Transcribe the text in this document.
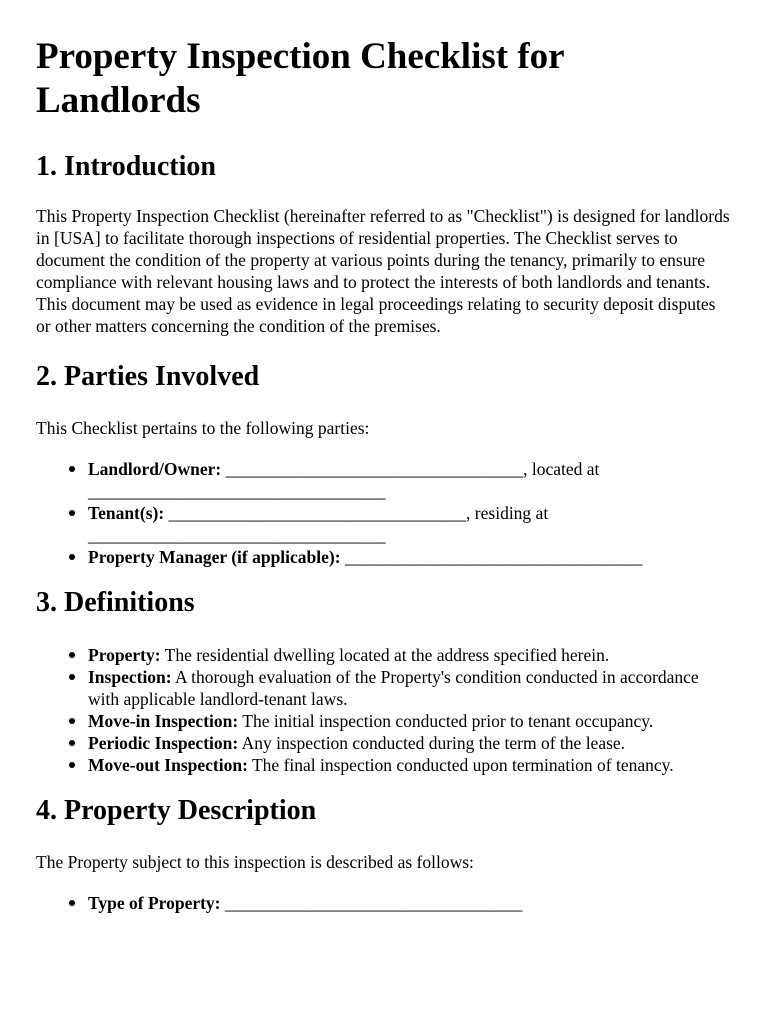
Property Inspection Checklist for Landlords
1. Introduction

This Property Inspection Checklist (hereinafter referred to as "Checklist") is designed for landlords in [USA] to facilitate thorough inspections of residential properties. The Checklist serves to document the condition of the property at various points during the tenancy, primarily to ensure compliance with relevant housing laws and to protect the interests of both landlords and tenants. This document may be used as evidence in legal proceedings relating to security deposit disputes or other matters concerning the condition of the premises.

2. Parties Involved

This Checklist pertains to the following parties:

Landlord/Owner: __________________________________, located at __________________________________
Tenant(s): __________________________________, residing at __________________________________
Property Manager (if applicable): __________________________________
3. Definitions
Property: The residential dwelling located at the address specified herein.
Inspection: A thorough evaluation of the Property's condition conducted in accordance with applicable landlord-tenant laws.
Move-in Inspection: The initial inspection conducted prior to tenant occupancy.
Periodic Inspection: Any inspection conducted during the term of the lease.
Move-out Inspection: The final inspection conducted upon termination of tenancy.
4. Property Description

The Property subject to this inspection is described as follows:

Type of Property: __________________________________
